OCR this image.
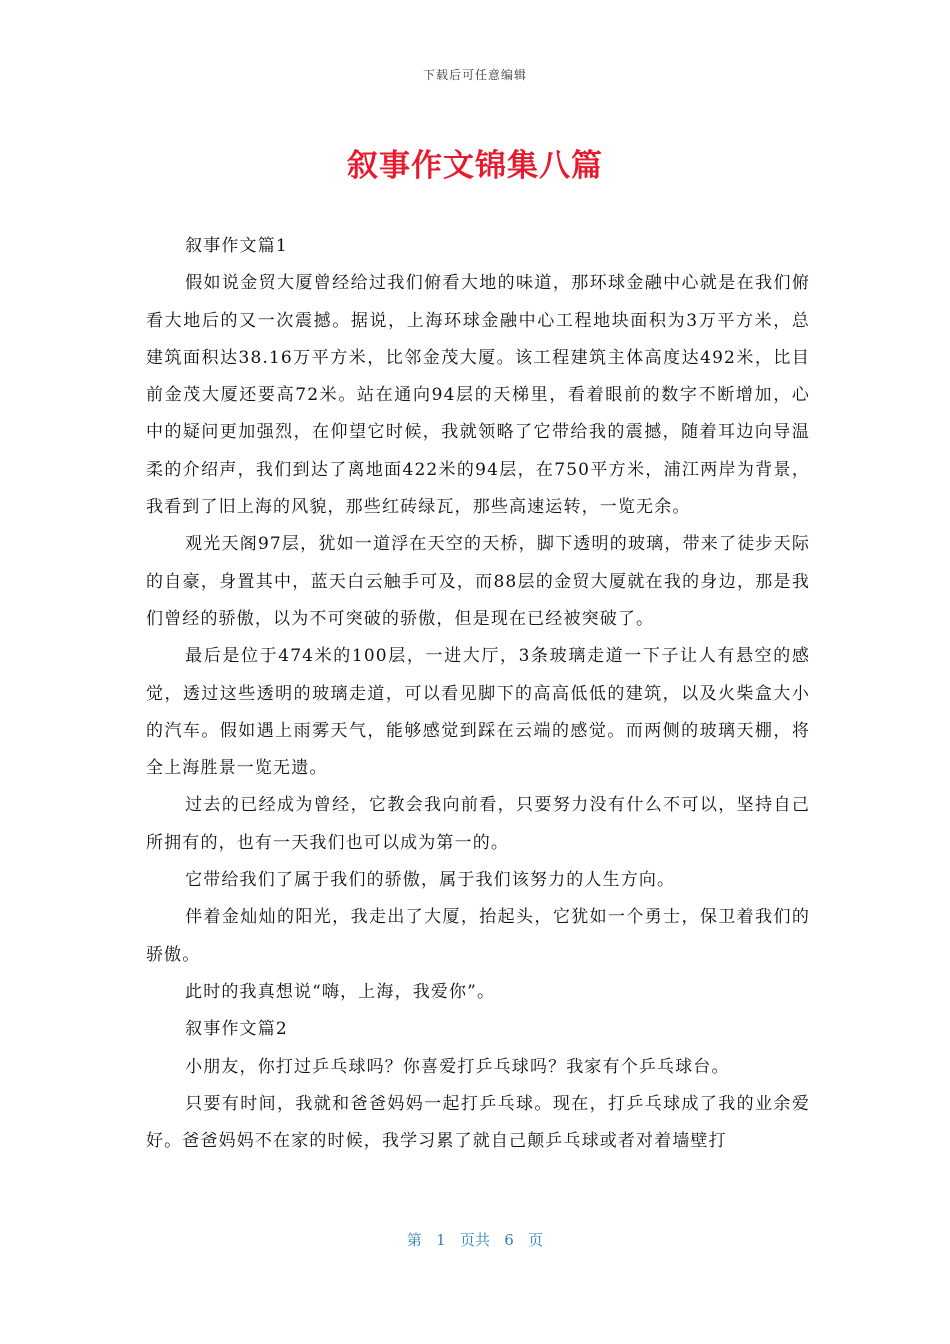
下载后可任意编辑
叙事作文锦集八篇

叙事作文篇1

假如说金贸大厦曾经给过我们俯看大地的味道，那环球金融中心就是在我们俯看大地后的又一次震撼。据说，上海环球金融中心工程地块面积为3万平方米，总建筑面积达38.16万平方米，比邻金茂大厦。该工程建筑主体高度达492米，比目前金茂大厦还要高72米。站在通向94层的天梯里，看着眼前的数字不断增加，心中的疑问更加强烈，在仰望它时候，我就领略了它带给我的震撼，随着耳边向导温柔的介绍声，我们到达了离地面422米的94层，在750平方米，浦江两岸为背景，我看到了旧上海的风貌，那些红砖绿瓦，那些高速运转，一览无余。

观光天阁97层，犹如一道浮在天空的天桥，脚下透明的玻璃，带来了徒步天际的自豪，身置其中，蓝天白云触手可及，而88层的金贸大厦就在我的身边，那是我们曾经的骄傲，以为不可突破的骄傲，但是现在已经被突破了。

最后是位于474米的100层，一进大厅，3条玻璃走道一下子让人有悬空的感觉，透过这些透明的玻璃走道，可以看见脚下的高高低低的建筑，以及火柴盒大小的汽车。假如遇上雨雾天气，能够感觉到踩在云端的感觉。而两侧的玻璃天棚，将全上海胜景一览无遗。

过去的已经成为曾经，它教会我向前看，只要努力没有什么不可以，坚持自己所拥有的，也有一天我们也可以成为第一的。

它带给我们了属于我们的骄傲，属于我们该努力的人生方向。

伴着金灿灿的阳光，我走出了大厦，抬起头，它犹如一个勇士，保卫着我们的骄傲。

此时的我真想说“嗨，上海，我爱你”。

叙事作文篇2

小朋友，你打过乒乓球吗？你喜爱打乒乓球吗？我家有个乒乓球台。

只要有时间，我就和爸爸妈妈一起打乒乓球。现在，打乒乓球成了我的业余爱好。爸爸妈妈不在家的时候，我学习累了就自己颠乒乓球或者对着墙壁打

第   1   页共   6   页
